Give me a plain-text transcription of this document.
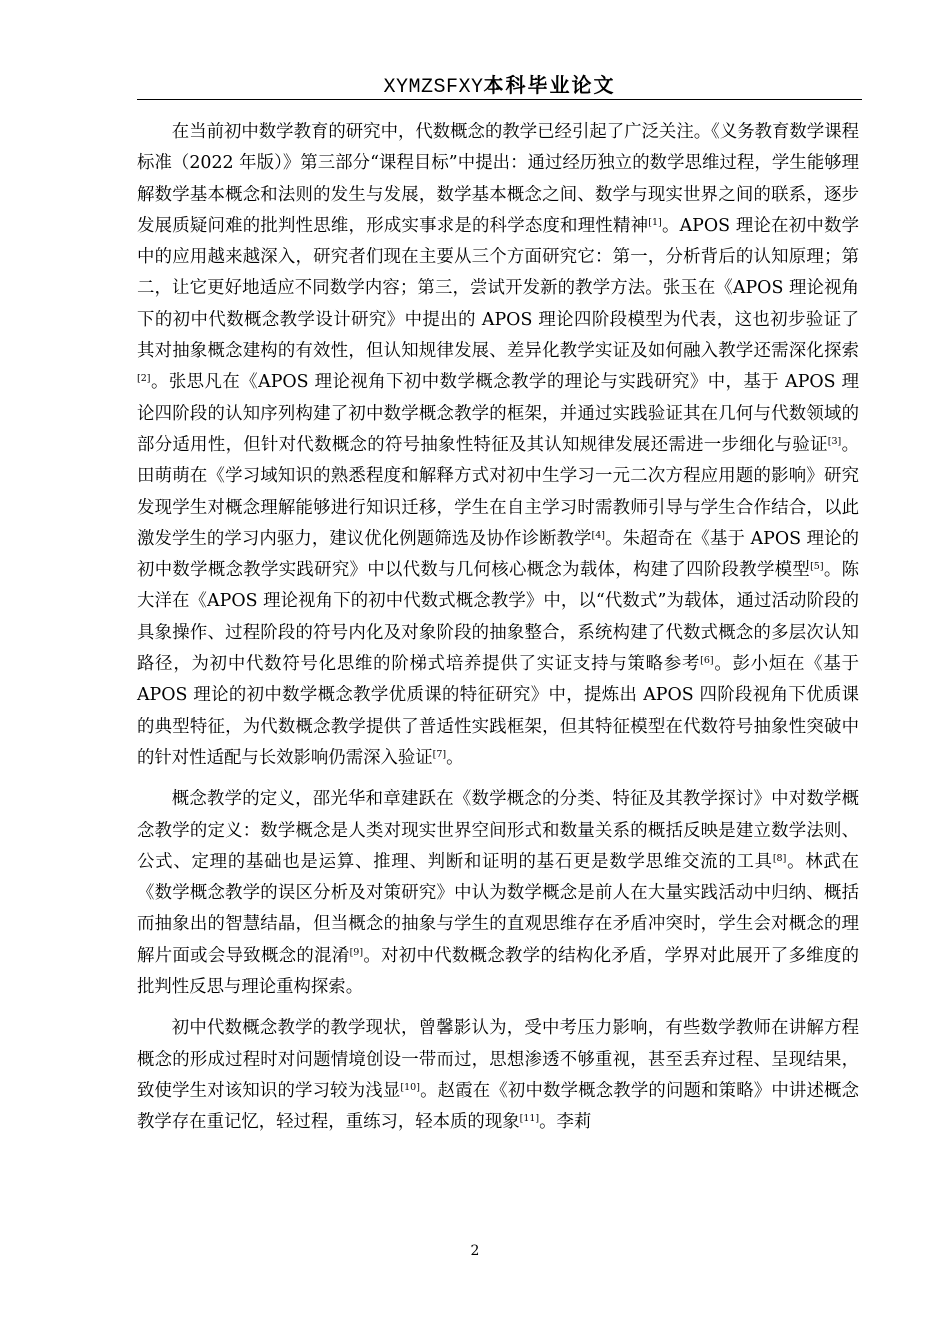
XYMZSFXY本科毕业论文

在当前初中数学教育的研究中，代数概念的教学已经引起了广泛关注。《义务教育数学课程标准（2022 年版）》第三部分“课程目标”中提出：通过经历独立的数学思维过程，学生能够理解数学基本概念和法则的发生与发展，数学基本概念之间、数学与现实世界之间的联系，逐步发展质疑问难的批判性思维，形成实事求是的科学态度和理性精神[1]。APOS 理论在初中数学中的应用越来越深入，研究者们现在主要从三个方面研究它：第一，分析背后的认知原理；第二，让它更好地适应不同数学内容；第三，尝试开发新的教学方法。张玉在《APOS 理论视角下的初中代数概念教学设计研究》中提出的 APOS 理论四阶段模型为代表，这也初步验证了其对抽象概念建构的有效性，但认知规律发展、差异化教学实证及如何融入教学还需深化探索[2]。张思凡在《APOS 理论视角下初中数学概念教学的理论与实践研究》中，基于 APOS 理论四阶段的认知序列构建了初中数学概念教学的框架，并通过实践验证其在几何与代数领域的部分适用性，但针对代数概念的符号抽象性特征及其认知规律发展还需进一步细化与验证[3]。田萌萌在《学习域知识的熟悉程度和解释方式对初中生学习一元二次方程应用题的影响》研究发现学生对概念理解能够进行知识迁移，学生在自主学习时需教师引导与学生合作结合，以此激发学生的学习内驱力，建议优化例题筛选及协作诊断教学[4]。朱超奇在《基于 APOS 理论的初中数学概念教学实践研究》中以代数与几何核心概念为载体，构建了四阶段教学模型[5]。陈大洋在《APOS 理论视角下的初中代数式概念教学》中，以“代数式”为载体，通过活动阶段的具象操作、过程阶段的符号内化及对象阶段的抽象整合，系统构建了代数式概念的多层次认知路径，为初中代数符号化思维的阶梯式培养提供了实证支持与策略参考[6]。彭小烜在《基于 APOS 理论的初中数学概念教学优质课的特征研究》中，提炼出 APOS 四阶段视角下优质课的典型特征，为代数概念教学提供了普适性实践框架，但其特征模型在代数符号抽象性突破中的针对性适配与长效影响仍需深入验证[7]。

概念教学的定义，邵光华和章建跃在《数学概念的分类、特征及其教学探讨》中对数学概念教学的定义：数学概念是人类对现实世界空间形式和数量关系的概括反映是建立数学法则、公式、定理的基础也是运算、推理、判断和证明的基石更是数学思维交流的工具[8]。林武在《数学概念教学的误区分析及对策研究》中认为数学概念是前人在大量实践活动中归纳、概括而抽象出的智慧结晶，但当概念的抽象与学生的直观思维存在矛盾冲突时，学生会对概念的理解片面或会导致概念的混淆[9]。对初中代数概念教学的结构化矛盾，学界对此展开了多维度的批判性反思与理论重构探索。

初中代数概念教学的教学现状，曾馨影认为，受中考压力影响，有些数学教师在讲解方程概念的形成过程时对问题情境创设一带而过，思想渗透不够重视，甚至丢弃过程、呈现结果，致使学生对该知识的学习较为浅显[10]。赵霞在《初中数学概念教学的问题和策略》中讲述概念教学存在重记忆，轻过程，重练习，轻本质的现象[11]。李莉

2
